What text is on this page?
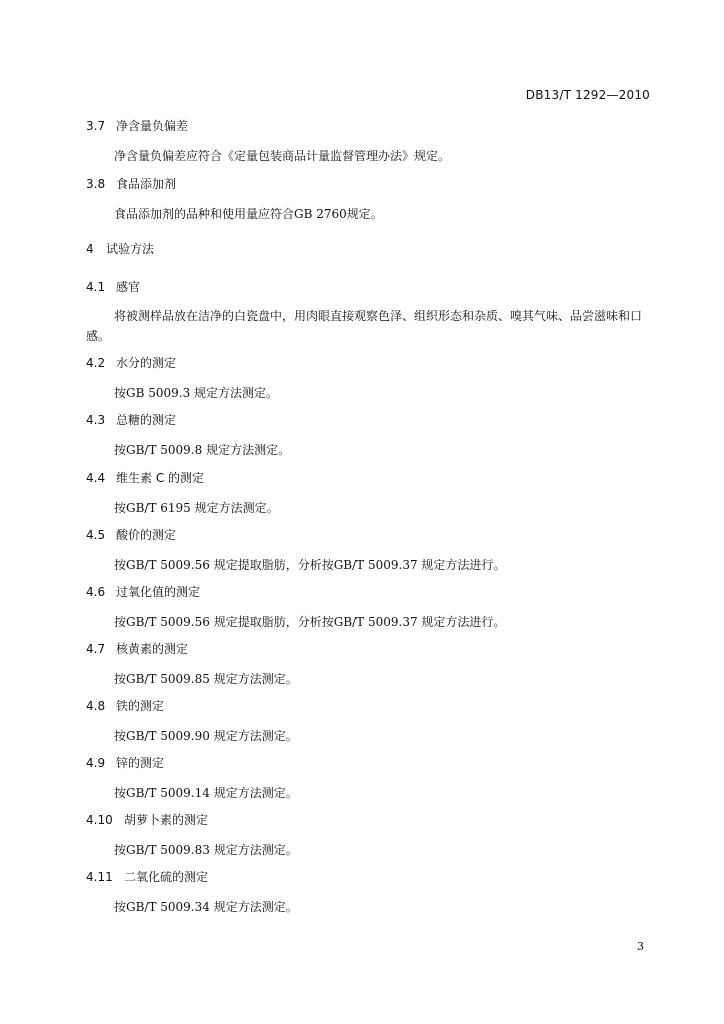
DB13/T 1292—2010
3.7 净含量负偏差
净含量负偏差应符合《定量包装商品计量监督管理办法》规定。
3.8 食品添加剂
食品添加剂的品种和使用量应符合GB 2760规定。
4 试验方法
4.1 感官
将被测样品放在洁净的白瓷盘中，用肉眼直接观察色泽、组织形态和杂质、嗅其气味、品尝滋味和口感。
4.2 水分的测定
按GB 5009.3 规定方法测定。
4.3 总糖的测定
按GB/T 5009.8 规定方法测定。
4.4 维生素 C 的测定
按GB/T 6195 规定方法测定。
4.5 酸价的测定
按GB/T 5009.56 规定提取脂肪，分析按GB/T 5009.37 规定方法进行。
4.6 过氧化值的测定
按GB/T 5009.56 规定提取脂肪，分析按GB/T 5009.37 规定方法进行。
4.7 核黄素的测定
按GB/T 5009.85 规定方法测定。
4.8 铁的测定
按GB/T 5009.90 规定方法测定。
4.9 锌的测定
按GB/T 5009.14 规定方法测定。
4.10 胡萝卜素的测定
按GB/T 5009.83 规定方法测定。
4.11 二氧化硫的测定
按GB/T 5009.34 规定方法测定。
3
